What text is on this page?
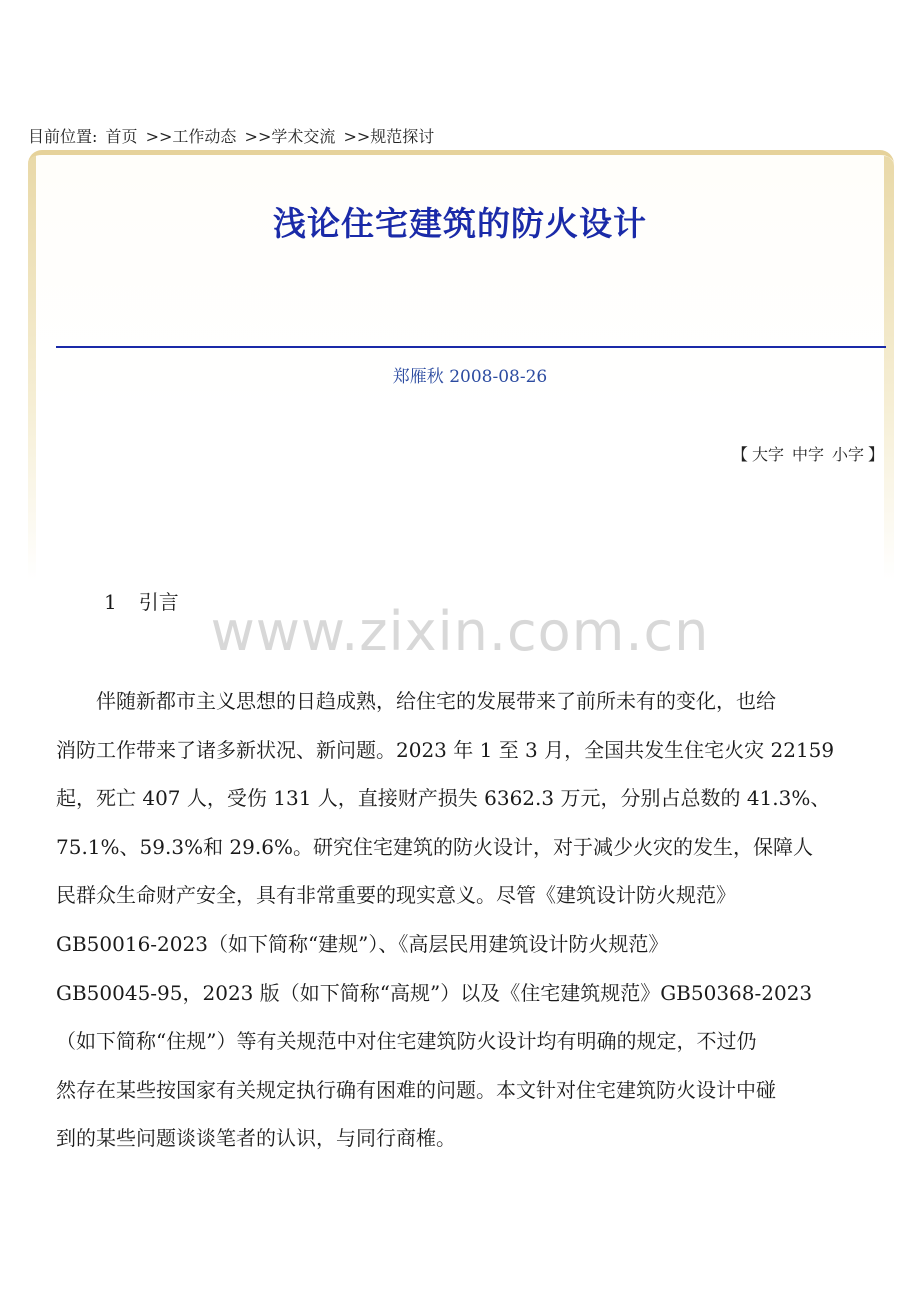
目前位置: 首页 >>工作动态 >>学术交流 >>规范探讨
浅论住宅建筑的防火设计
郑雁秋 2008-08-26
【 大字 中字 小字 】
1 引言 www.zixin.com.cn
　　伴随新都市主义思想的日趋成熟，给住宅的发展带来了前所未有的变化，也给
消防工作带来了诸多新状况、新问题。2023 年 1 至 3 月，全国共发生住宅火灾 22159
起，死亡 407 人，受伤 131 人，直接财产损失 6362.3 万元，分别占总数的 41.3%、
75.1%、59.3%和 29.6%。研究住宅建筑的防火设计，对于减少火灾的发生，保障人
民群众生命财产安全，具有非常重要的现实意义。尽管《建筑设计防火规范》
GB50016-2023（如下简称“建规”）、《高层民用建筑设计防火规范》
GB50045-95，2023 版（如下简称“高规”）以及《住宅建筑规范》GB50368-2023
（如下简称“住规”）等有关规范中对住宅建筑防火设计均有明确的规定，不过仍
然存在某些按国家有关规定执行确有困难的问题。本文针对住宅建筑防火设计中碰
到的某些问题谈谈笔者的认识，与同行商榷。
